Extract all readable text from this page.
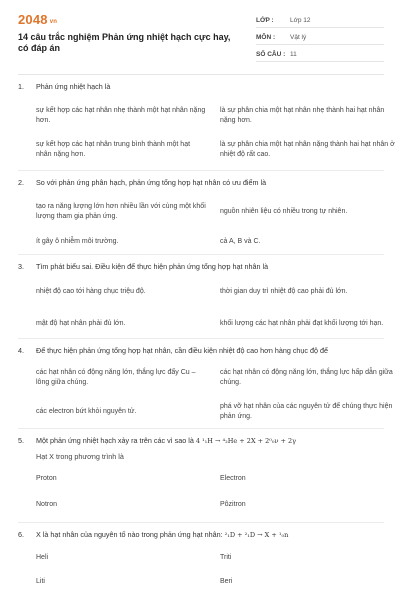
2048 vn
14 câu trắc nghiệm Phản ứng nhiệt hạch cực hay, có đáp án
LỚP :	Lớp 12
MÔN :	Vật lý
SỐ CÂU : 11
1.	Phản ứng nhiệt hạch là
sự kết hợp các hạt nhân nhẹ thành một hạt nhân nặng hơn.
là sự phân chia một hạt nhân nhẹ thành hai hạt nhân nặng hơn.
sự kết hợp các hạt nhân trung bình thành một hạt nhân nặng hơn.
là sự phân chia một hạt nhân nặng thành hai hạt nhân ở nhiệt độ rất cao.
2.	So với phản ứng phân hạch, phản ứng tổng hợp hạt nhân có ưu điểm là
tạo ra năng lượng lớn hơn nhiều lần với cùng một khối lượng tham gia phản ứng.
nguồn nhiên liệu có nhiều trong tự nhiên.
ít gây ô nhiễm môi trường.	cả A, B và C.
3.	Tìm phát biểu sai. Điều kiện để thực hiện phản ứng tổng hợp hạt nhân là
nhiệt độ cao tới hàng chục triệu độ.	thời gian duy trì nhiệt độ cao phải đủ lớn.
mật độ hạt nhân phải đủ lớn.	khối lượng các hạt nhân phải đạt khối lượng tới hạn.
4.	Để thực hiện phản ứng tổng hợp hạt nhân, cần điều kiện nhiệt độ cao hơn hàng chục độ để
các hạt nhân có động năng lớn, thắng lực đẩy Cu – lông giữa chúng.
các hạt nhân có động năng lớn, thắng lực hấp dẫn giữa chúng.
các electron bứt khỏi nguyên tử.
phá vỡ hạt nhân của các nguyên tử để chúng thực hiện phản ứng.
5.	Một phản ứng nhiệt hạch xảy ra trên các vì sao là 4 ¹₁H → ⁴₂He + 2X + 2⁰₀ν + 2γ
Hạt X trong phương trình là
Proton	Electron
Notron	Pôzitron
6.	X là hạt nhân của nguyên tố nào trong phản ứng hạt nhân: ²₁D + ²₁D → X + ¹₀n
Heli	Triti
Liti	Beri
